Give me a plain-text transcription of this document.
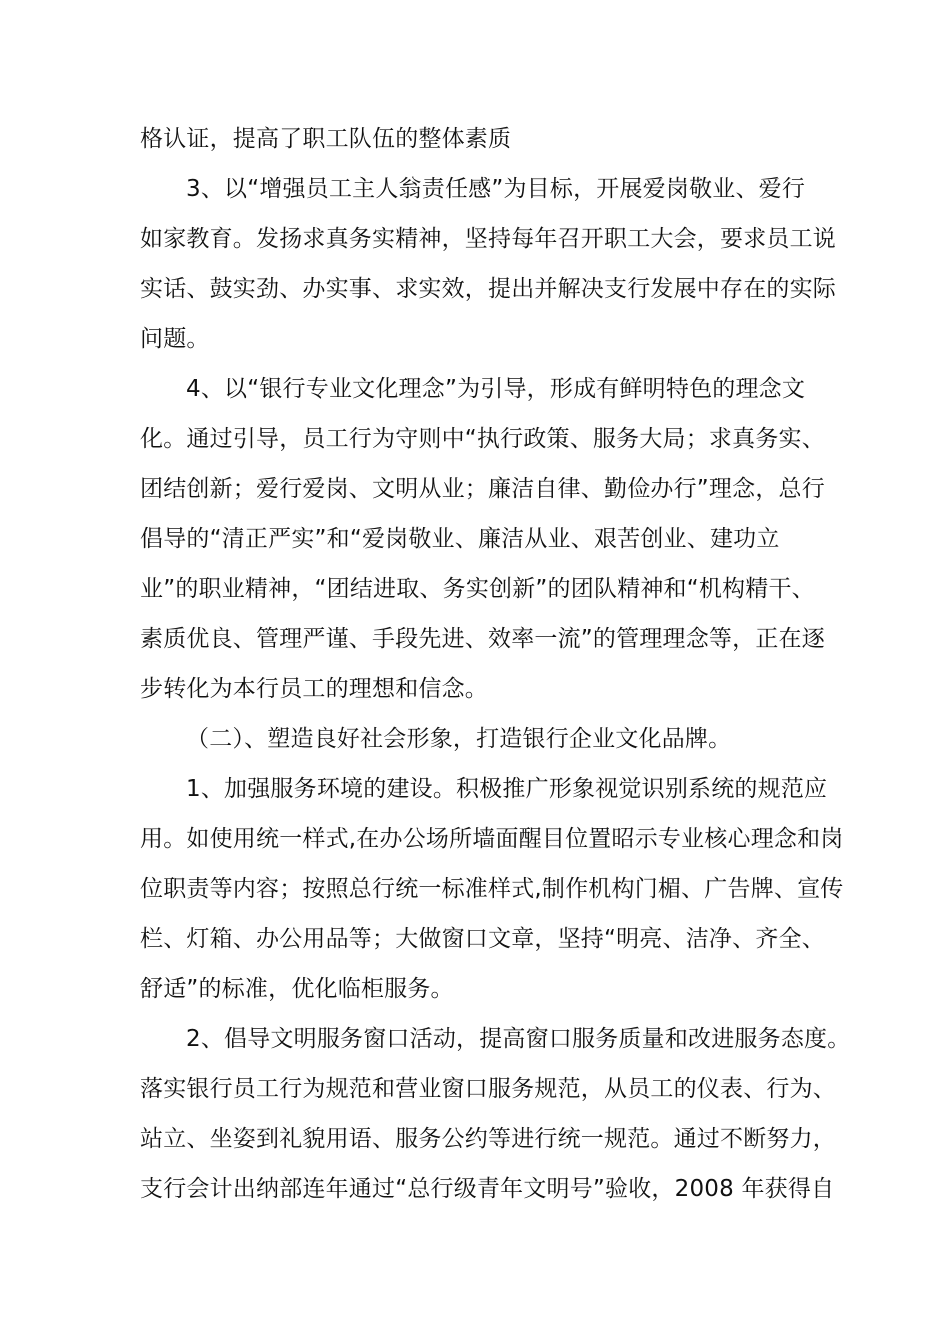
格认证，提高了职工队伍的整体素质
3、以“增强员工主人翁责任感”为目标，开展爱岗敬业、爱行
如家教育。发扬求真务实精神，坚持每年召开职工大会，要求员工说
实话、鼓实劲、办实事、求实效，提出并解决支行发展中存在的实际
问题。
4、以“银行专业文化理念”为引导，形成有鲜明特色的理念文
化。通过引导，员工行为守则中“执行政策、服务大局；求真务实、
团结创新；爱行爱岗、文明从业；廉洁自律、勤俭办行”理念，总行
倡导的“清正严实”和“爱岗敬业、廉洁从业、艰苦创业、建功立
业”的职业精神，“团结进取、务实创新”的团队精神和“机构精干、
素质优良、管理严谨、手段先进、效率一流”的管理理念等，正在逐
步转化为本行员工的理想和信念。
（二）、塑造良好社会形象，打造银行企业文化品牌。
1、加强服务环境的建设。积极推广形象视觉识别系统的规范应
用。如使用统一样式,在办公场所墙面醒目位置昭示专业核心理念和岗
位职责等内容；按照总行统一标准样式,制作机构门楣、广告牌、宣传
栏、灯箱、办公用品等；大做窗口文章，坚持“明亮、洁净、齐全、
舒适”的标准，优化临柜服务。
2、倡导文明服务窗口活动，提高窗口服务质量和改进服务态度。
落实银行员工行为规范和营业窗口服务规范，从员工的仪表、行为、
站立、坐姿到礼貌用语、服务公约等进行统一规范。通过不断努力，
支行会计出纳部连年通过“总行级青年文明号”验收，2008 年获得自
